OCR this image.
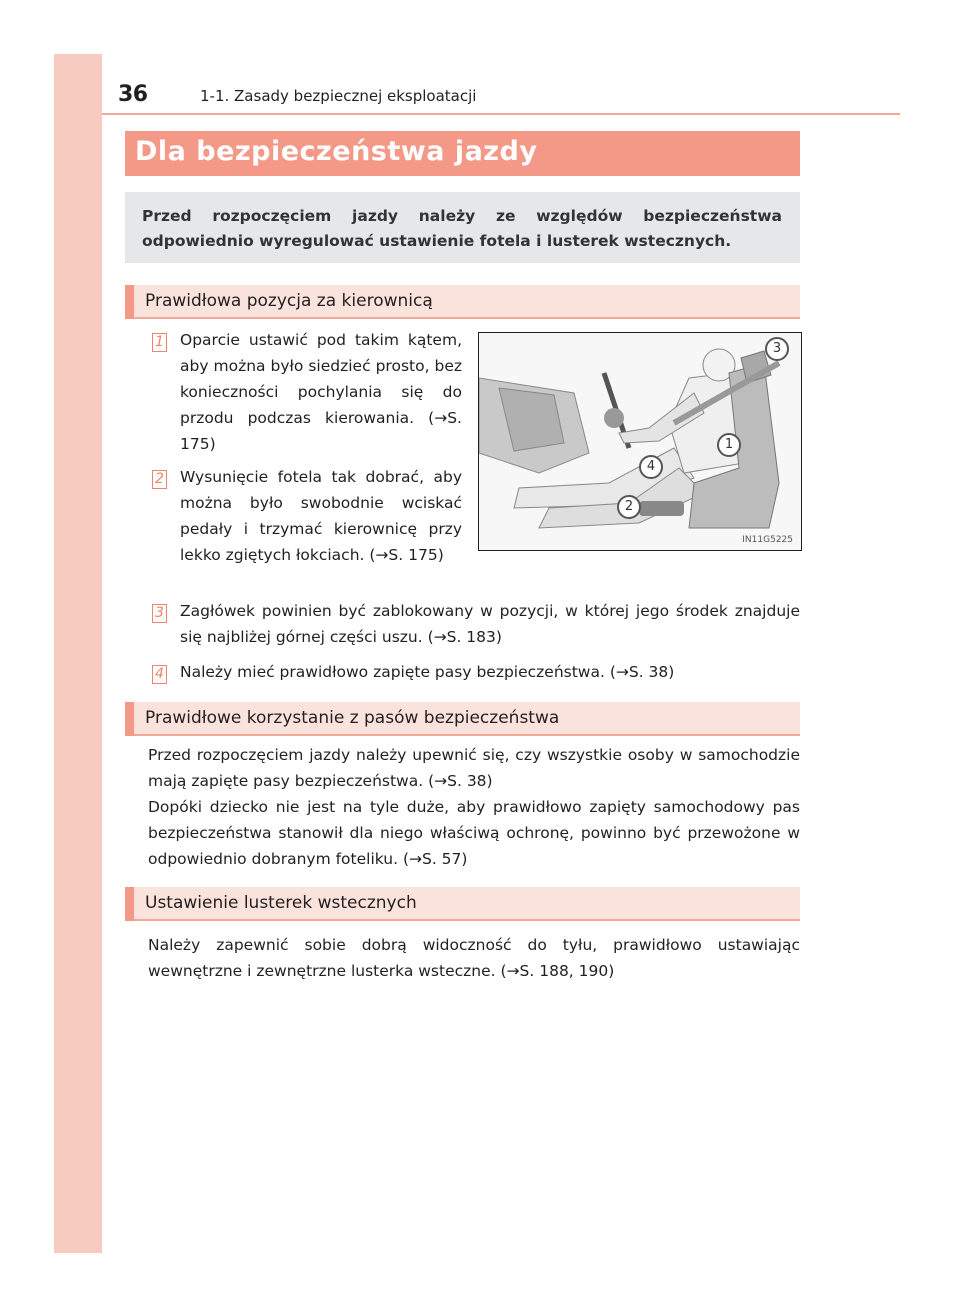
36	1-1. Zasady bezpiecznej eksploatacji
Dla bezpieczeństwa jazdy
Przed rozpoczęciem jazdy należy ze względów bezpieczeństwa odpowiednio wyregulować ustawienie fotela i lusterek wstecznych.
Prawidłowa pozycja za kierownicą
1 Oparcie ustawić pod takim kątem, aby można było siedzieć prosto, bez konieczności pochylania się do przodu podczas kierowania. (→S. 175)
2 Wysunięcie fotela tak dobrać, aby można było swobodnie wciskać pedały i trzymać kierownicę przy lekko zgiętych łokciach. (→S. 175)
3 Zagłówek powinien być zablokowany w pozycji, w której jego środek znajduje się najbliżej górnej części uszu. (→S. 183)
4 Należy mieć prawidłowo zapięte pasy bezpieczeństwa. (→S. 38)
3
1
4
2
IN11G5225
Prawidłowe korzystanie z pasów bezpieczeństwa
Przed rozpoczęciem jazdy należy upewnić się, czy wszystkie osoby w samochodzie mają zapięte pasy bezpieczeństwa. (→S. 38)
Dopóki dziecko nie jest na tyle duże, aby prawidłowo zapięty samochodowy pas bezpieczeństwa stanowił dla niego właściwą ochronę, powinno być przewożone w odpowiednio dobranym foteliku. (→S. 57)
Ustawienie lusterek wstecznych
Należy zapewnić sobie dobrą widoczność do tyłu, prawidłowo ustawiając wewnętrzne i zewnętrzne lusterka wsteczne. (→S. 188, 190)
